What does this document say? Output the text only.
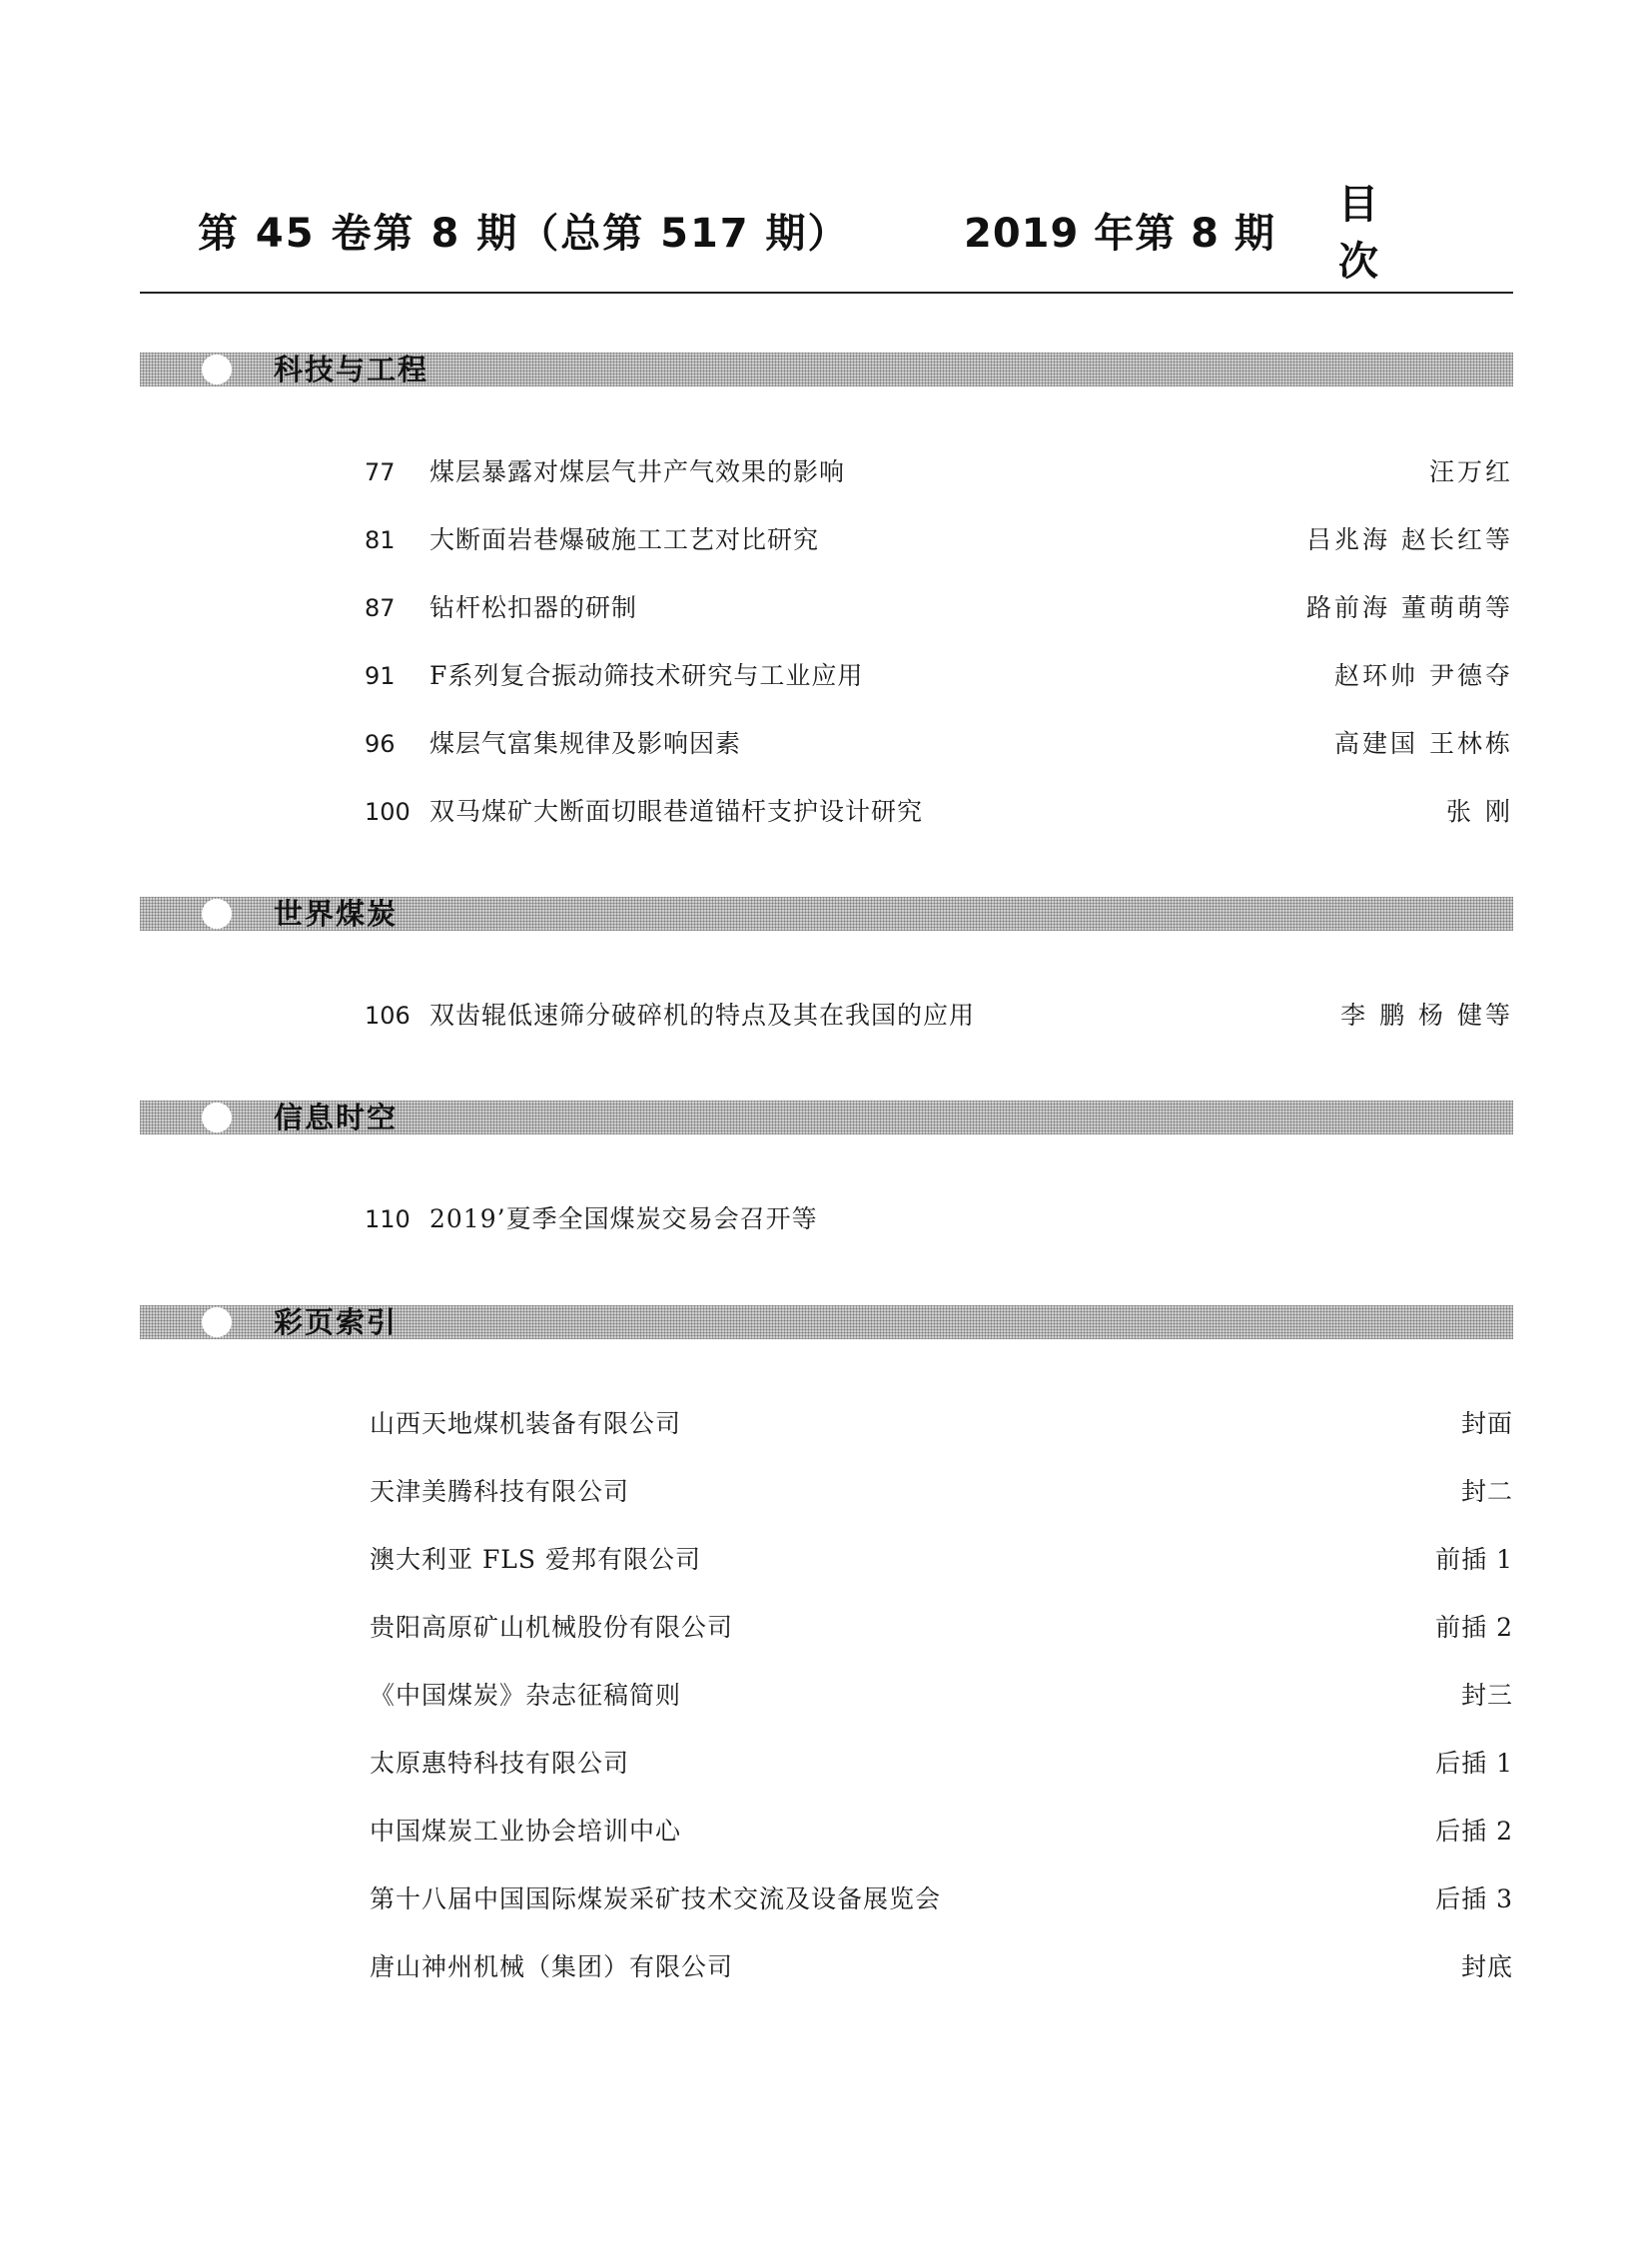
第 45 卷第 8 期（总第 517 期）	2019 年第 8 期
目次
科技与工程
77	煤层暴露对煤层气井产气效果的影响	汪万红
81	大断面岩巷爆破施工工艺对比研究	吕兆海 赵长红等
87	钻杆松扣器的研制	路前海 董萌萌等
91	F系列复合振动筛技术研究与工业应用	赵环帅 尹德夺
96	煤层气富集规律及影响因素	高建国 王林栋
100 双马煤矿大断面切眼巷道锚杆支护设计研究	张 刚
世界煤炭
106 双齿辊低速筛分破碎机的特点及其在我国的应用	李 鹏 杨 健等
信息时空
110 2019’夏季全国煤炭交易会召开等
彩页索引
山西天地煤机装备有限公司	封面
天津美腾科技有限公司	封二
澳大利亚 FLS 爱邦有限公司	前插 1
贵阳高原矿山机械股份有限公司	前插 2
《中国煤炭》杂志征稿简则	封三
太原惠特科技有限公司	后插 1
中国煤炭工业协会培训中心	后插 2
第十八届中国国际煤炭采矿技术交流及设备展览会	后插 3
唐山神州机械（集团）有限公司	封底
